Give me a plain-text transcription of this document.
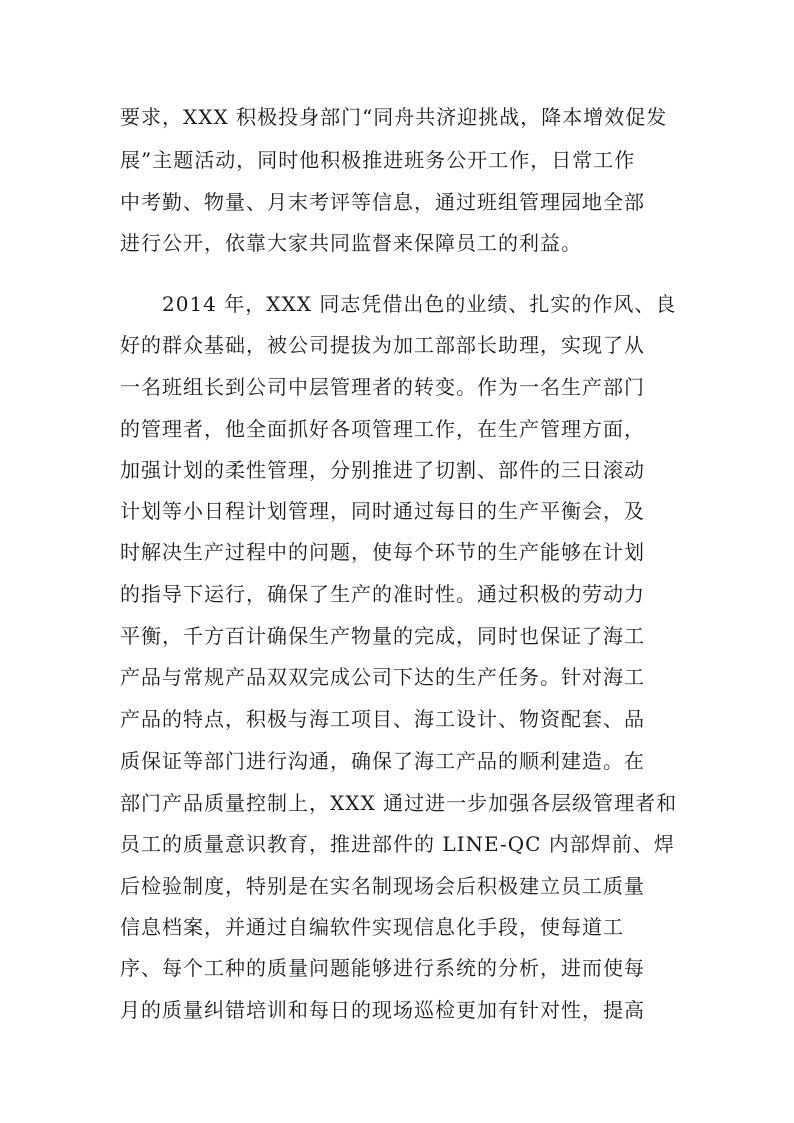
要求，XXX 积极投身部门“同舟共济迎挑战，降本增效促发
展”主题活动，同时他积极推进班务公开工作，日常工作
中考勤、物量、月末考评等信息，通过班组管理园地全部
进行公开，依靠大家共同监督来保障员工的利益。
2014 年，XXX 同志凭借出色的业绩、扎实的作风、良
好的群众基础，被公司提拔为加工部部长助理，实现了从
一名班组长到公司中层管理者的转变。作为一名生产部门
的管理者，他全面抓好各项管理工作，在生产管理方面，
加强计划的柔性管理，分别推进了切割、部件的三日滚动
计划等小日程计划管理，同时通过每日的生产平衡会，及
时解决生产过程中的问题，使每个环节的生产能够在计划
的指导下运行，确保了生产的准时性。通过积极的劳动力
平衡，千方百计确保生产物量的完成，同时也保证了海工
产品与常规产品双双完成公司下达的生产任务。针对海工
产品的特点，积极与海工项目、海工设计、物资配套、品
质保证等部门进行沟通，确保了海工产品的顺利建造。在
部门产品质量控制上，XXX 通过进一步加强各层级管理者和
员工的质量意识教育，推进部件的 LINE-QC 内部焊前、焊
后检验制度，特别是在实名制现场会后积极建立员工质量
信息档案，并通过自编软件实现信息化手段，使每道工
序、每个工种的质量问题能够进行系统的分析，进而使每
月的质量纠错培训和每日的现场巡检更加有针对性，提高
